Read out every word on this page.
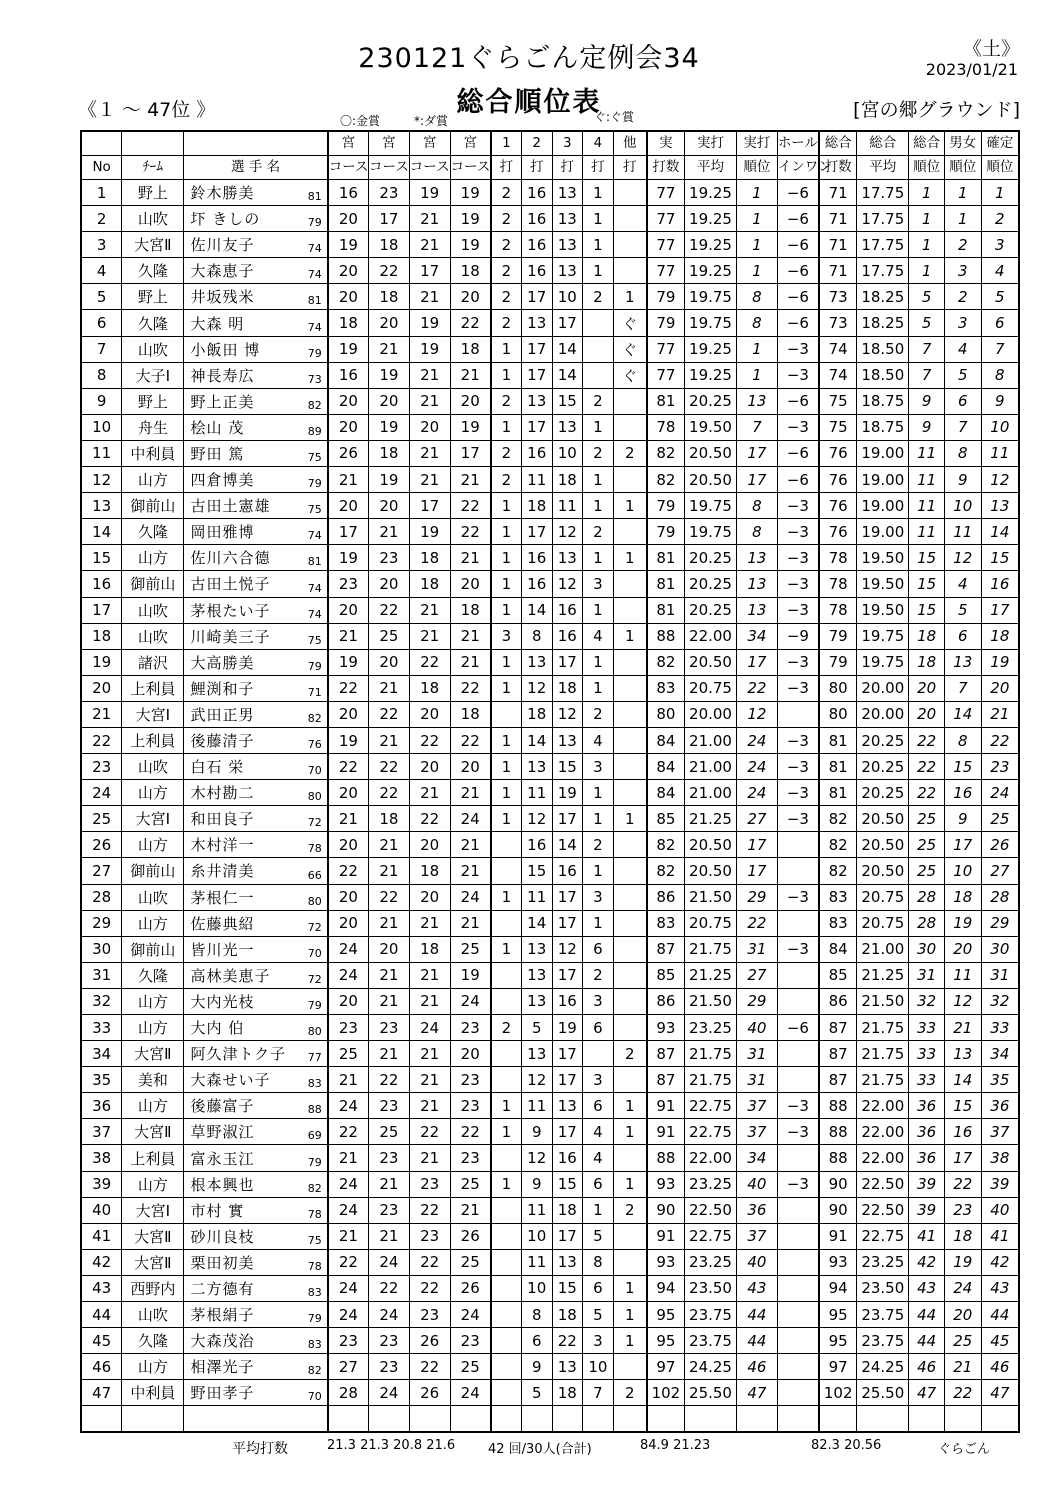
230121ぐらごん定例会34
総合順位表
《土》
2023/01/21
《１ ～ 47位 》	[宮の郷グラウンド]
〇:金賞	*:ダ賞	ぐ:ぐ賞
			宮	宮	宮	宮	1	2	3	4	他	実	実打	実打	ホール	総合	総合	総合	男女	確定
No	ﾁｰﾑ	選 手 名	コース	コース	コース	コース	打	打	打	打	打	打数	平均	順位	インワン	打数	平均	順位	順位	順位
1	野上	鈴木勝美 81	16	23	19	19	2	16	13	1		77	19.25	1	−6	71	17.75	1	1	1
2	山吹	圷 きしの 79	20	17	21	19	2	16	13	1		77	19.25	1	−6	71	17.75	1	1	2
3	大宮Ⅱ	佐川友子 74	19	18	21	19	2	16	13	1		77	19.25	1	−6	71	17.75	1	2	3
4	久隆	大森恵子 74	20	22	17	18	2	16	13	1		77	19.25	1	−6	71	17.75	1	3	4
5	野上	井坂残米 81	20	18	21	20	2	17	10	2	1	79	19.75	8	−6	73	18.25	5	2	5
6	久隆	大森 明 74	18	20	19	22	2	13	17		ぐ	79	19.75	8	−6	73	18.25	5	3	6
7	山吹	小飯田 博 79	19	21	19	18	1	17	14		ぐ	77	19.25	1	−3	74	18.50	7	4	7
8	大子Ⅰ	神長寿広 73	16	19	21	21	1	17	14		ぐ	77	19.25	1	−3	74	18.50	7	5	8
9	野上	野上正美 82	20	20	21	20	2	13	15	2		81	20.25	13	−6	75	18.75	9	6	9
10	舟生	桧山 茂 89	20	19	20	19	1	17	13	1		78	19.50	7	−3	75	18.75	9	7	10
11	中利員	野田 篤 75	26	18	21	17	2	16	10	2	2	82	20.50	17	−6	76	19.00	11	8	11
12	山方	四倉博美 79	21	19	21	21	2	11	18	1		82	20.50	17	−6	76	19.00	11	9	12
13	御前山	古田土憲雄 75	20	20	17	22	1	18	11	1	1	79	19.75	8	−3	76	19.00	11	10	13
14	久隆	岡田雅博 74	17	21	19	22	1	17	12	2		79	19.75	8	−3	76	19.00	11	11	14
15	山方	佐川六合德 81	19	23	18	21	1	16	13	1	1	81	20.25	13	−3	78	19.50	15	12	15
16	御前山	古田土悦子 74	23	20	18	20	1	16	12	3		81	20.25	13	−3	78	19.50	15	4	16
17	山吹	茅根たい子 74	20	22	21	18	1	14	16	1		81	20.25	13	−3	78	19.50	15	5	17
18	山吹	川崎美三子 75	21	25	21	21	3	8	16	4	1	88	22.00	34	−9	79	19.75	18	6	18
19	諸沢	大高勝美 79	19	20	22	21	1	13	17	1		82	20.50	17	−3	79	19.75	18	13	19
20	上利員	鯉渕和子 71	22	21	18	22	1	12	18	1		83	20.75	22	−3	80	20.00	20	7	20
21	大宮Ⅰ	武田正男 82	20	22	20	18		18	12	2		80	20.00	12		80	20.00	20	14	21
22	上利員	後藤清子 76	19	21	22	22	1	14	13	4		84	21.00	24	−3	81	20.25	22	8	22
23	山吹	白石 栄 70	22	22	20	20	1	13	15	3		84	21.00	24	−3	81	20.25	22	15	23
24	山方	木村勘二 80	20	22	21	21	1	11	19	1		84	21.00	24	−3	81	20.25	22	16	24
25	大宮Ⅰ	和田良子 72	21	18	22	24	1	12	17	1	1	85	21.25	27	−3	82	20.50	25	9	25
26	山方	木村洋一 78	20	21	20	21		16	14	2		82	20.50	17		82	20.50	25	17	26
27	御前山	糸井清美 66	22	21	18	21		15	16	1		82	20.50	17		82	20.50	25	10	27
28	山吹	茅根仁一 80	20	22	20	24	1	11	17	3		86	21.50	29	−3	83	20.75	28	18	28
29	山方	佐藤典紹 72	20	21	21	21		14	17	1		83	20.75	22		83	20.75	28	19	29
30	御前山	皆川光一 70	24	20	18	25	1	13	12	6		87	21.75	31	−3	84	21.00	30	20	30
31	久隆	高林美恵子 72	24	21	21	19		13	17	2		85	21.25	27		85	21.25	31	11	31
32	山方	大内光枝 79	20	21	21	24		13	16	3		86	21.50	29		86	21.50	32	12	32
33	山方	大内 伯 80	23	23	24	23	2	5	19	6		93	23.25	40	−6	87	21.75	33	21	33
34	大宮Ⅱ	阿久津トク子 77	25	21	21	20		13	17		2	87	21.75	31		87	21.75	33	13	34
35	美和	大森せい子 83	21	22	21	23		12	17	3		87	21.75	31		87	21.75	33	14	35
36	山方	後藤富子 88	24	23	21	23	1	11	13	6	1	91	22.75	37	−3	88	22.00	36	15	36
37	大宮Ⅱ	草野淑江 69	22	25	22	22	1	9	17	4	1	91	22.75	37	−3	88	22.00	36	16	37
38	上利員	富永玉江 79	21	23	21	23		12	16	4		88	22.00	34		88	22.00	36	17	38
39	山方	根本興也 82	24	21	23	25	1	9	15	6	1	93	23.25	40	−3	90	22.50	39	22	39
40	大宮Ⅰ	市村 實 78	24	23	22	21		11	18	1	2	90	22.50	36		90	22.50	39	23	40
41	大宮Ⅱ	砂川良枝 75	21	21	23	26		10	17	5		91	22.75	37		91	22.75	41	18	41
42	大宮Ⅱ	栗田初美 78	22	24	22	25		11	13	8		93	23.25	40		93	23.25	42	19	42
43	西野内	二方德有 83	24	22	22	26		10	15	6	1	94	23.50	43		94	23.50	43	24	43
44	山吹	茅根絹子 79	24	24	23	24		8	18	5	1	95	23.75	44		95	23.75	44	20	44
45	久隆	大森茂治 83	23	23	26	23		6	22	3	1	95	23.75	44		95	23.75	44	25	45
46	山方	相澤光子 82	27	23	22	25		9	13	10		97	24.25	46		97	24.25	46	21	46
47	中利員	野田孝子 70	28	24	26	24		5	18	7	2	102	25.50	47		102	25.50	47	22	47

平均打数	21.3 21.3 20.8 21.6	42 回/30人(合計)	84.9 21.23	82.3 20.56	ぐらごん
